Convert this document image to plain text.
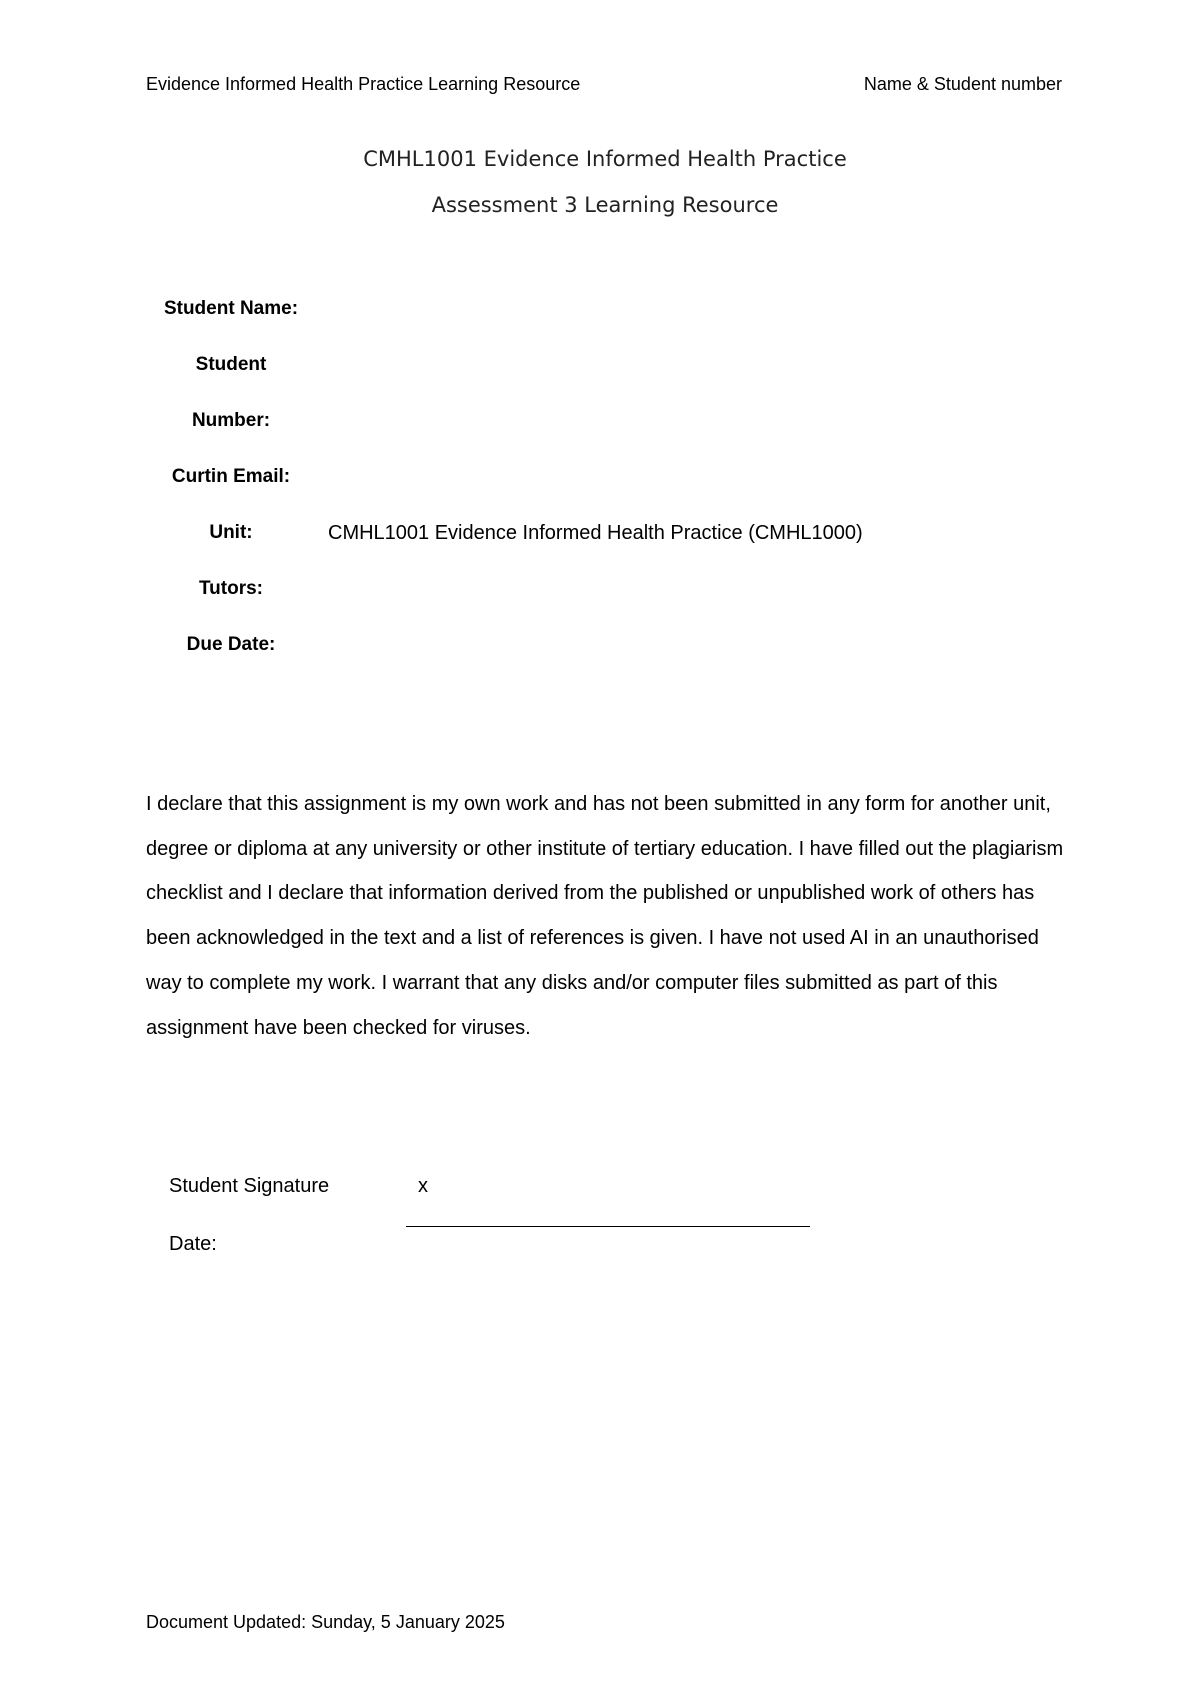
Evidence Informed Health Practice Learning Resource	Name & Student number
CMHL1001 Evidence Informed Health Practice
Assessment 3 Learning Resource
Student Name:
Student
Number:
Curtin Email:
Unit:	CMHL1001 Evidence Informed Health Practice (CMHL1000)
Tutors:
Due Date:

I declare that this assignment is my own work and has not been submitted in any form for another unit, degree or diploma at any university or other institute of tertiary education. I have filled out the plagiarism checklist and I declare that information derived from the published or unpublished work of others has been acknowledged in the text and a list of references is given. I have not used AI in an unauthorised way to complete my work. I warrant that any disks and/or computer files submitted as part of this assignment have been checked for viruses.

Student Signature	x
Date:
Document Updated: Sunday, 5 January 2025
